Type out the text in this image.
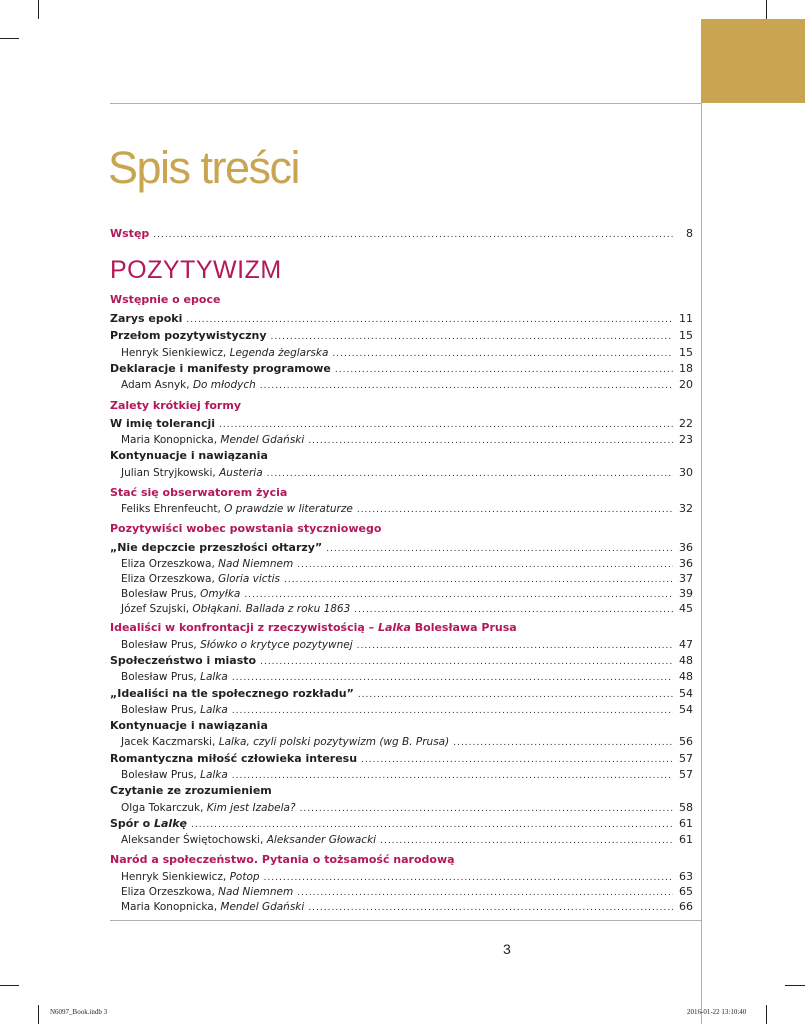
Spis treści
Wstęp .....	8
POZYTYWIZM
Wstępnie o epoce
Zarys epoki .....	11
Przełom pozytywistyczny .....	15
Henryk Sienkiewicz, Legenda żeglarska .....	15
Deklaracje i manifesty programowe .....	18
Adam Asnyk, Do młodych .....	20
Zalety krótkiej formy
W imię tolerancji .....	22
Maria Konopnicka, Mendel Gdański .....	23
Kontynuacje i nawiązania
Julian Stryjkowski, Austeria .....	30
Stać się obserwatorem życia
Feliks Ehrenfeucht, O prawdzie w literaturze .....	32
Pozytywiści wobec powstania styczniowego
„Nie depczcie przeszłości ołtarzy” .....	36
Eliza Orzeszkowa, Nad Niemnem .....	36
Eliza Orzeszkowa, Gloria victis .....	37
Bolesław Prus, Omyłka .....	39
Józef Szujski, Obłąkani. Ballada z roku 1863 .....	45
Idealiści w konfrontacji z rzeczywistością – Lalka Bolesława Prusa
Bolesław Prus, Słówko o krytyce pozytywnej .....	47
Społeczeństwo i miasto .....	48
Bolesław Prus, Lalka .....	48
„Idealiści na tle społecznego rozkładu” .....	54
Bolesław Prus, Lalka .....	54
Kontynuacje i nawiązania
Jacek Kaczmarski, Lalka, czyli polski pozytywizm (wg B. Prusa) .....	56
Romantyczna miłość człowieka interesu .....	57
Bolesław Prus, Lalka .....	57
Czytanie ze zrozumieniem
Olga Tokarczuk, Kim jest Izabela? .....	58
Spór o Lalkę .....	61
Aleksander Świętochowski, Aleksander Głowacki .....	61
Naród a społeczeństwo. Pytania o tożsamość narodową
Henryk Sienkiewicz, Potop .....	63
Eliza Orzeszkowa, Nad Niemnem .....	65
Maria Konopnicka, Mendel Gdański .....	66
3
N6097_Book.indb 3	2016-01-22 13:10:40
